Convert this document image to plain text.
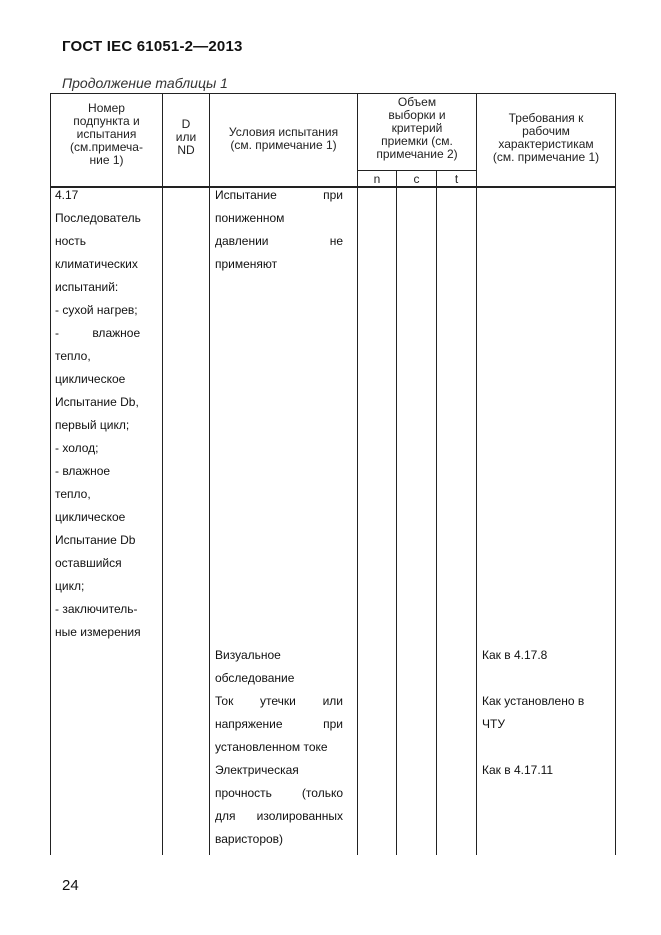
ГОСТ IEC 61051-2—2013
Продолжение таблицы 1
Номер
подпункта и
испытания
(см.примеча-
ние 1)
D
или
ND
Условия испытания
(см. примечание 1)
Объем
выборки и
критерий
приемки (см.
примечание 2)
n	c	t
Требования к
рабочим
характеристикам
(см. примечание 1)
4.17
Последователь
ность
климатических
испытаний:
- сухой нагрев;
-          влажное
тепло,
циклическое
Испытание Db,
первый цикл;
- холод;
- влажное
тепло,
циклическое
Испытание Db
оставшийся
цикл;
- заключитель-
ные измерения
Испытание при
пониженном
давлении не
применяют
Визуальное
обследование
Как в 4.17.8
Ток утечки или
напряжение при
установленном токе
Как установлено в
ЧТУ
Электрическая
прочность (только
для изолированных
варисторов)
Как в 4.17.11
24
